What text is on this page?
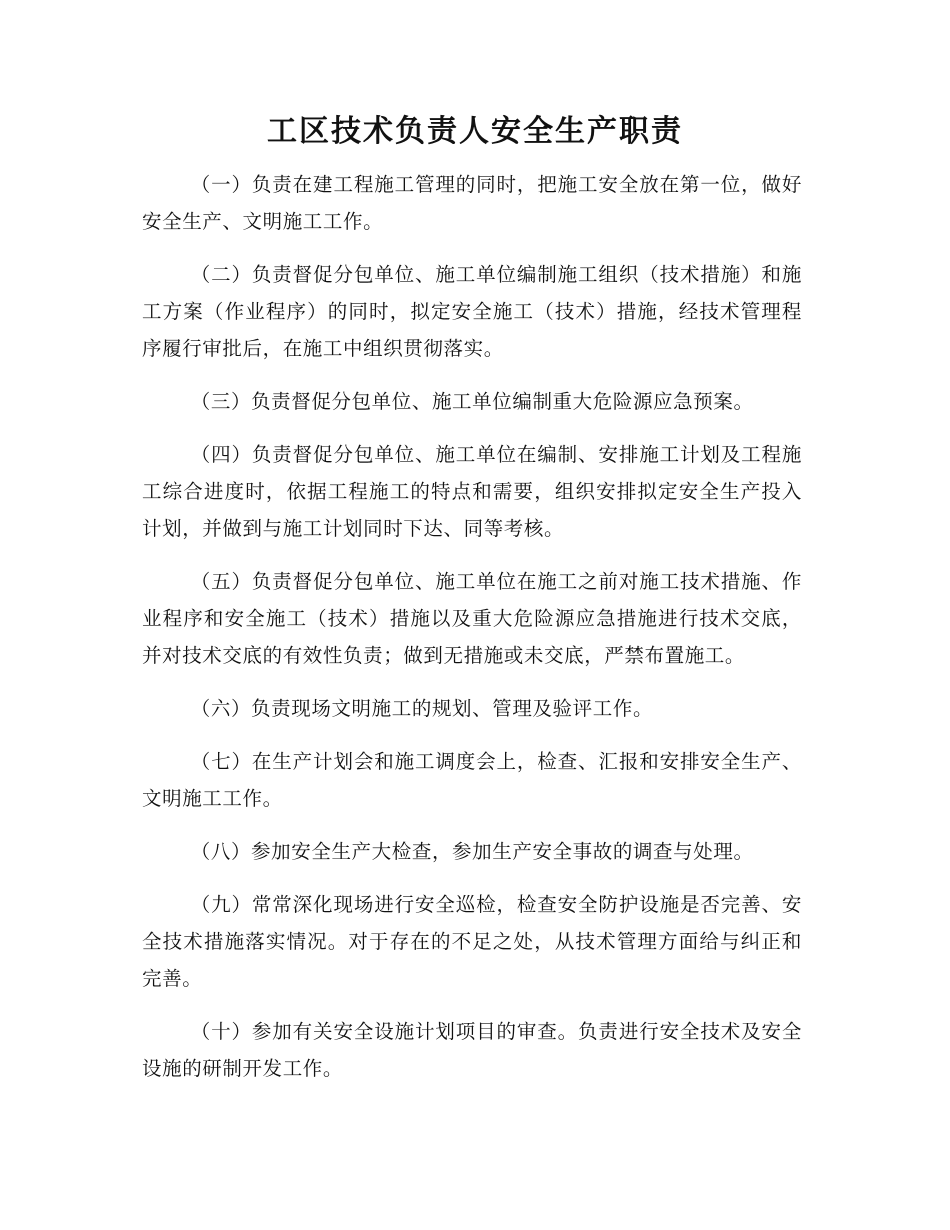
工区技术负责人安全生产职责

（一）负责在建工程施工管理的同时，把施工安全放在第一位，做好安全生产、文明施工工作。

（二）负责督促分包单位、施工单位编制施工组织（技术措施）和施工方案（作业程序）的同时，拟定安全施工（技术）措施，经技术管理程序履行审批后，在施工中组织贯彻落实。

（三）负责督促分包单位、施工单位编制重大危险源应急预案。

（四）负责督促分包单位、施工单位在编制、安排施工计划及工程施工综合进度时，依据工程施工的特点和需要，组织安排拟定安全生产投入计划，并做到与施工计划同时下达、同等考核。

（五）负责督促分包单位、施工单位在施工之前对施工技术措施、作业程序和安全施工（技术）措施以及重大危险源应急措施进行技术交底，并对技术交底的有效性负责；做到无措施或未交底，严禁布置施工。

（六）负责现场文明施工的规划、管理及验评工作。

（七）在生产计划会和施工调度会上，检查、汇报和安排安全生产、文明施工工作。

（八）参加安全生产大检查，参加生产安全事故的调查与处理。

（九）常常深化现场进行安全巡检，检查安全防护设施是否完善、安全技术措施落实情况。对于存在的不足之处，从技术管理方面给与纠正和完善。

（十）参加有关安全设施计划项目的审查。负责进行安全技术及安全设施的研制开发工作。
